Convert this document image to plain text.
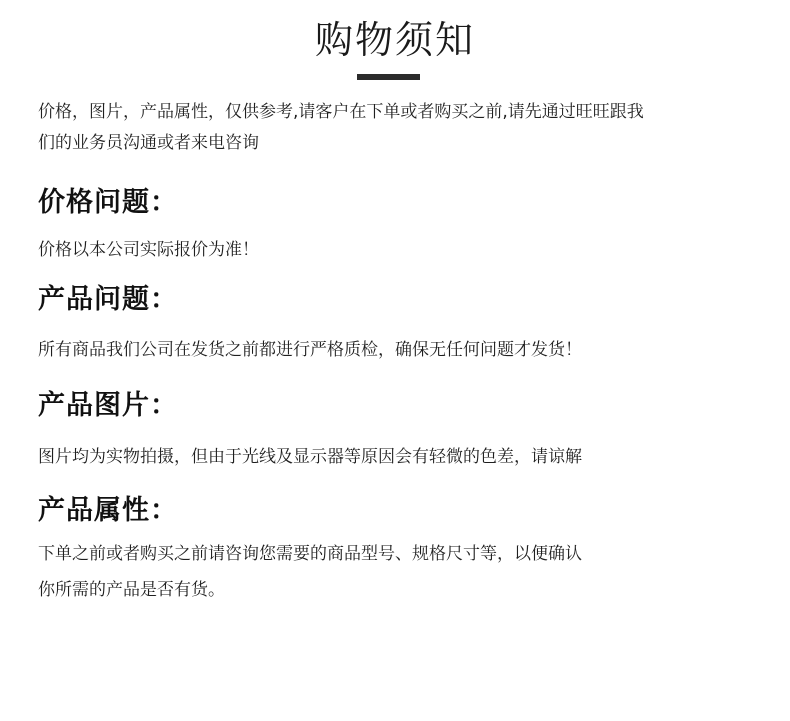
购物须知
价格，图片，产品属性，仅供参考,请客户在下单或者购买之前,请先通过旺旺跟我
们的业务员沟通或者来电咨询
价格问题：
价格以本公司实际报价为准！
产品问题：
所有商品我们公司在发货之前都进行严格质检，确保无任何问题才发货！
产品图片：
图片均为实物拍摄，但由于光线及显示器等原因会有轻微的色差，请谅解
产品属性：
下单之前或者购买之前请咨询您需要的商品型号、规格尺寸等，以便确认
你所需的产品是否有货。
